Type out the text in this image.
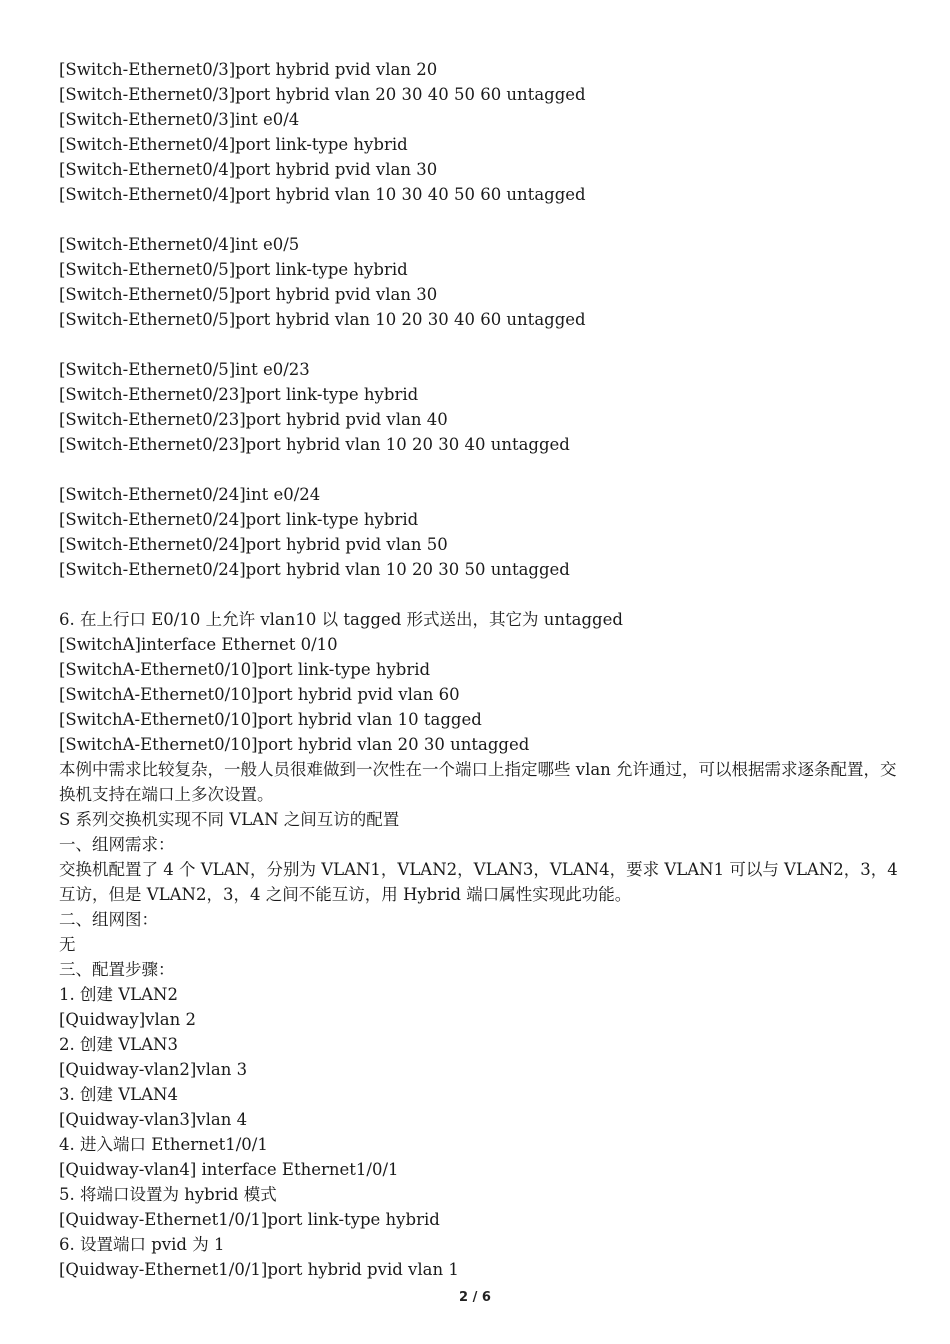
[Switch-Ethernet0/3]port hybrid pvid vlan 20
[Switch-Ethernet0/3]port hybrid vlan 20 30 40 50 60 untagged
[Switch-Ethernet0/3]int e0/4
[Switch-Ethernet0/4]port link-type hybrid
[Switch-Ethernet0/4]port hybrid pvid vlan 30
[Switch-Ethernet0/4]port hybrid vlan 10 30 40 50 60 untagged
[Switch-Ethernet0/4]int e0/5
[Switch-Ethernet0/5]port link-type hybrid
[Switch-Ethernet0/5]port hybrid pvid vlan 30
[Switch-Ethernet0/5]port hybrid vlan 10 20 30 40 60 untagged
[Switch-Ethernet0/5]int e0/23
[Switch-Ethernet0/23]port link-type hybrid
[Switch-Ethernet0/23]port hybrid pvid vlan 40
[Switch-Ethernet0/23]port hybrid vlan 10 20 30 40 untagged
[Switch-Ethernet0/24]int e0/24
[Switch-Ethernet0/24]port link-type hybrid
[Switch-Ethernet0/24]port hybrid pvid vlan 50
[Switch-Ethernet0/24]port hybrid vlan 10 20 30 50 untagged
6. 在上行口 E0/10 上允许 vlan10 以 tagged 形式送出，其它为 untagged
[SwitchA]interface Ethernet 0/10
[SwitchA-Ethernet0/10]port link-type hybrid
[SwitchA-Ethernet0/10]port hybrid pvid vlan 60
[SwitchA-Ethernet0/10]port hybrid vlan 10 tagged
[SwitchA-Ethernet0/10]port hybrid vlan 20 30 untagged
本例中需求比较复杂，一般人员很难做到一次性在一个端口上指定哪些 vlan 允许通过，可以根据需求逐条配置，交换机支持在端口上多次设置。
S 系列交换机实现不同 VLAN 之间互访的配置
一、组网需求：
交换机配置了 4 个 VLAN，分别为 VLAN1，VLAN2，VLAN3，VLAN4，要求 VLAN1 可以与 VLAN2，3，4 互访，但是 VLAN2，3，4 之间不能互访，用 Hybrid 端口属性实现此功能。
二、组网图：
无
三、配置步骤：
1. 创建 VLAN2
[Quidway]vlan 2
2. 创建 VLAN3
[Quidway-vlan2]vlan 3
3. 创建 VLAN4
[Quidway-vlan3]vlan 4
4. 进入端口 Ethernet1/0/1
[Quidway-vlan4] interface Ethernet1/0/1
5. 将端口设置为 hybrid 模式
[Quidway-Ethernet1/0/1]port link-type hybrid
6. 设置端口 pvid 为 1
[Quidway-Ethernet1/0/1]port hybrid pvid vlan 1
2 / 6
